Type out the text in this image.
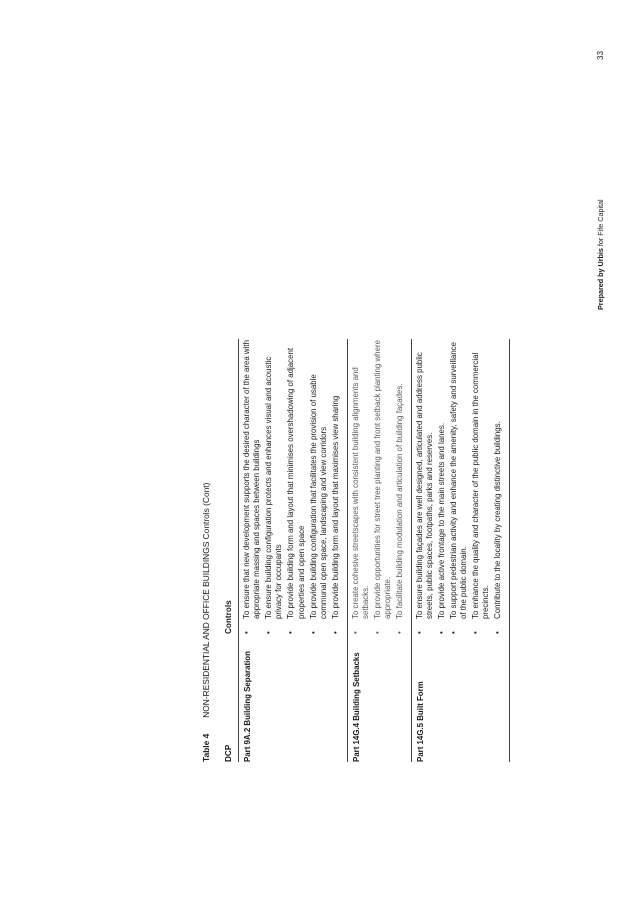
Table 4NON-RESIDENTIAL AND OFFICE BUILDINGS Controls (Cont)
DCP
Controls
Part 9A.2 Building Separation
• To ensure that new development supports the desired character of the area with appropriate massing and spaces between buildings • To ensure building configuration protects and enhances visual and acoustic privacy for occupants • To provide building form and layout that minimises overshadowing of adjacent properties and open space • To provide building configuration that facilitates the provision of usable communal open space, landscaping and view corridors • To provide building form and layout that maximises view sharing
Part 14G.4 Building Setbacks
• To create cohesive streetscapes with consistent building alignments and setbacks. • To provide opportunities for street tree planting and front setback planting where appropriate. • To facilitate building modulation and articulation of building façades.
Part 14G.5 Built Form
• To ensure building façades are well designed, articulated and address public streets, public spaces, footpaths, parks and reserves. • To provide active frontage to the main streets and lanes. • To support pedestrian activity and enhance the amenity, safety and surveillance of the public domain. • To enhance the quality and character of the public domain in the commercial precincts. • Contribute to the locality by creating distinctive buildings.
Prepared by Urbis for Fife Capital
33
